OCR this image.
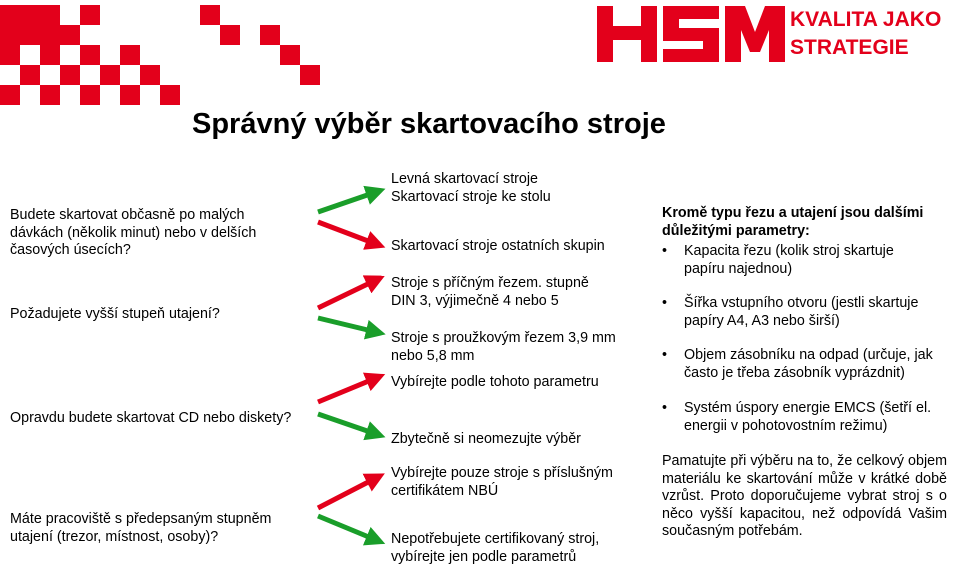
KVALITA JAKO
STRATEGIE
Správný výběr skartovacího stroje
Budete skartovat občasně po malých
dávkách (několik minut) nebo v delších
časových úsecích?
Požadujete vyšší stupeň utajení?
Opravdu budete skartovat CD nebo diskety?
Máte pracoviště s předepsaným stupněm
utajení (trezor, místnost, osoby)?
Levná skartovací stroje
Skartovací stroje ke stolu
Skartovací stroje ostatních skupin
Stroje s příčným řezem. stupně
DIN 3, výjimečně 4 nebo 5
Stroje s proužkovým řezem 3,9 mm
nebo 5,8 mm
Vybírejte podle tohoto parametru
Zbytečně si neomezujte výběr
Vybírejte pouze stroje s příslušným
certifikátem NBÚ
Nepotřebujete certifikovaný stroj,
vybírejte jen podle parametrů
Kromě typu řezu a utajení jsou dalšími
důležitými parametry:
• Kapacita řezu (kolik stroj skartuje
papíru najednou)
• Šířka vstupního otvoru (jestli skartuje
papíry A4, A3 nebo širší)
• Objem zásobníku na odpad (určuje, jak
často je třeba zásobník vyprázdnit)
• Systém úspory energie EMCS (šetří el.
energii v pohotovostním režimu)
Pamatujte při výběru na to, že celkový objem materiálu ke skartování může v krátké době vzrůst. Proto doporučujeme vybrat stroj s o něco vyšší kapacitou, než odpovídá Vašim současným potřebám.
